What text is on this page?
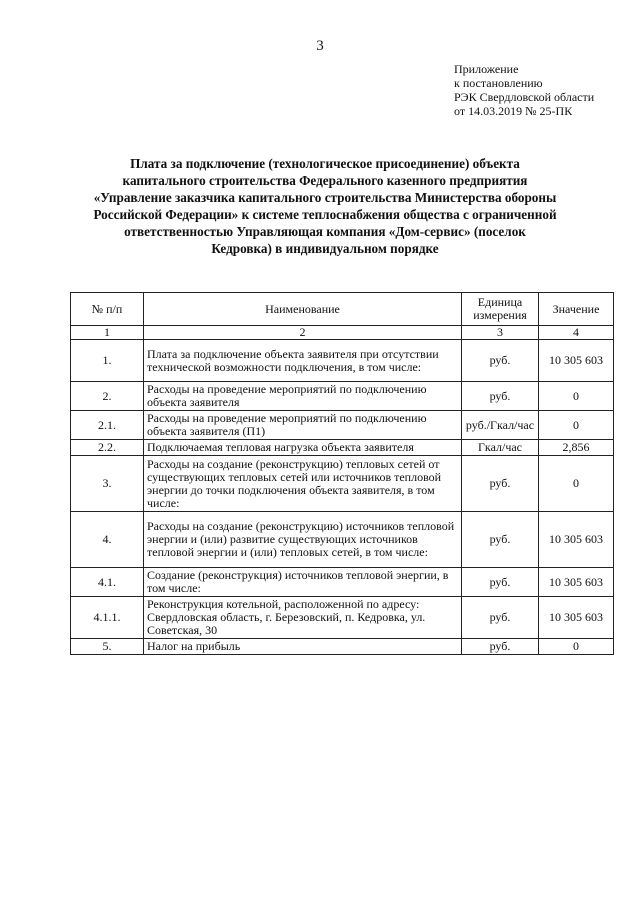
3
Приложение
к постановлению
РЭК Свердловской области
от 14.03.2019 № 25-ПК
Плата за подключение (технологическое присоединение) объекта
капитального строительства Федерального казенного предприятия
«Управление заказчика капитального строительства Министерства обороны
Российской Федерации» к системе теплоснабжения общества с ограниченной
ответственностью Управляющая компания «Дом-сервис» (поселок
Кедровка) в индивидуальном порядке
№ п/п	Наименование	Единица измерения	Значение
1	2	3	4
1.	Плата за подключение объекта заявителя при отсутствии технической возможности подключения, в том числе:	руб.	10 305 603
2.	Расходы на проведение мероприятий по подключению объекта заявителя	руб.	0
2.1.	Расходы на проведение мероприятий по подключению объекта заявителя (П1)	руб./Гкал/час	0
2.2.	Подключаемая тепловая нагрузка объекта заявителя	Гкал/час	2,856
3.	Расходы на создание (реконструкцию) тепловых сетей от существующих тепловых сетей или источников тепловой энергии до точки подключения объекта заявителя, в том числе:	руб.	0
4.	Расходы на создание (реконструкцию) источников тепловой энергии и (или) развитие существующих источников тепловой энергии и (или) тепловых сетей, в том числе:	руб.	10 305 603
4.1.	Создание (реконструкция) источников тепловой энергии, в том числе:	руб.	10 305 603
4.1.1.	Реконструкция котельной, расположенной по адресу: Свердловская область, г. Березовский, п. Кедровка, ул. Советская, 30	руб.	10 305 603
5.	Налог на прибыль	руб.	0
